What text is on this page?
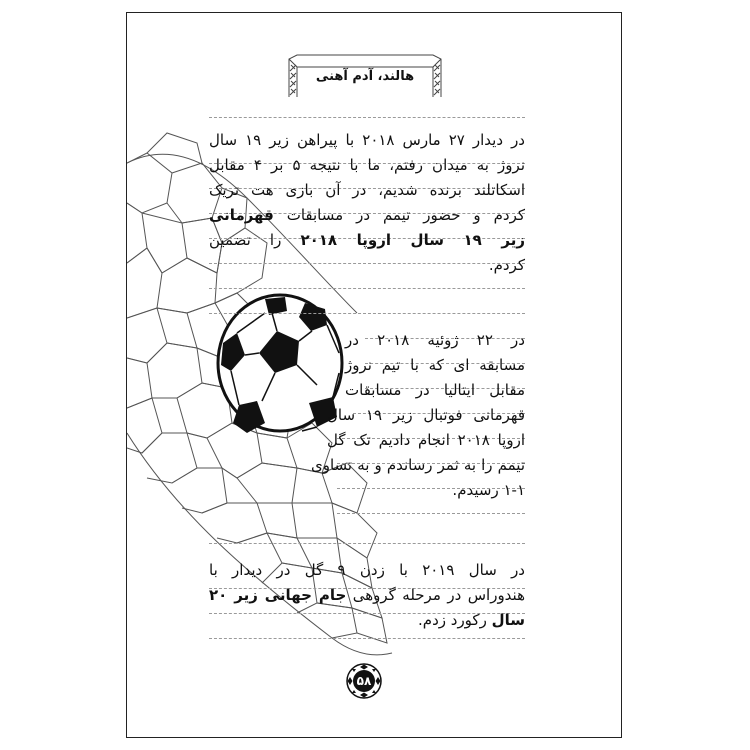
هالند، آدم آهنی
در دیدار ۲۷ مارس ۲۰۱۸ با پیراهن زیر ۱۹ سال
نروژ به میدان رفتم، ما با نتیجه ۵ بر ۴ مقابل
اسکاتلند برنده شدیم، در آن بازی هت تریک
کردم و حضور تیمم در مسابقات قهرمانی
زیر ۱۹ سال اروپا ۲۰۱۸ را تضمین
کردم.
در ۲۲ ژوئیه ۲۰۱۸ در
مسابقه ای که با تیم نروژ
مقابل ایتالیا در مسابقات
قهرمانی فوتبال زیر ۱۹ سال
اروپا ۲۰۱۸ انجام دادیم تک گل
تیمم را به ثمر رساندم و به تساوی
۱-۱ رسیدم.
در سال ۲۰۱۹ با زدن ۹ گل در دیدار با
هندوراس در مرحله گروهی جام جهانی زیر ۲۰
سال رکورد زدم.
۵۸
